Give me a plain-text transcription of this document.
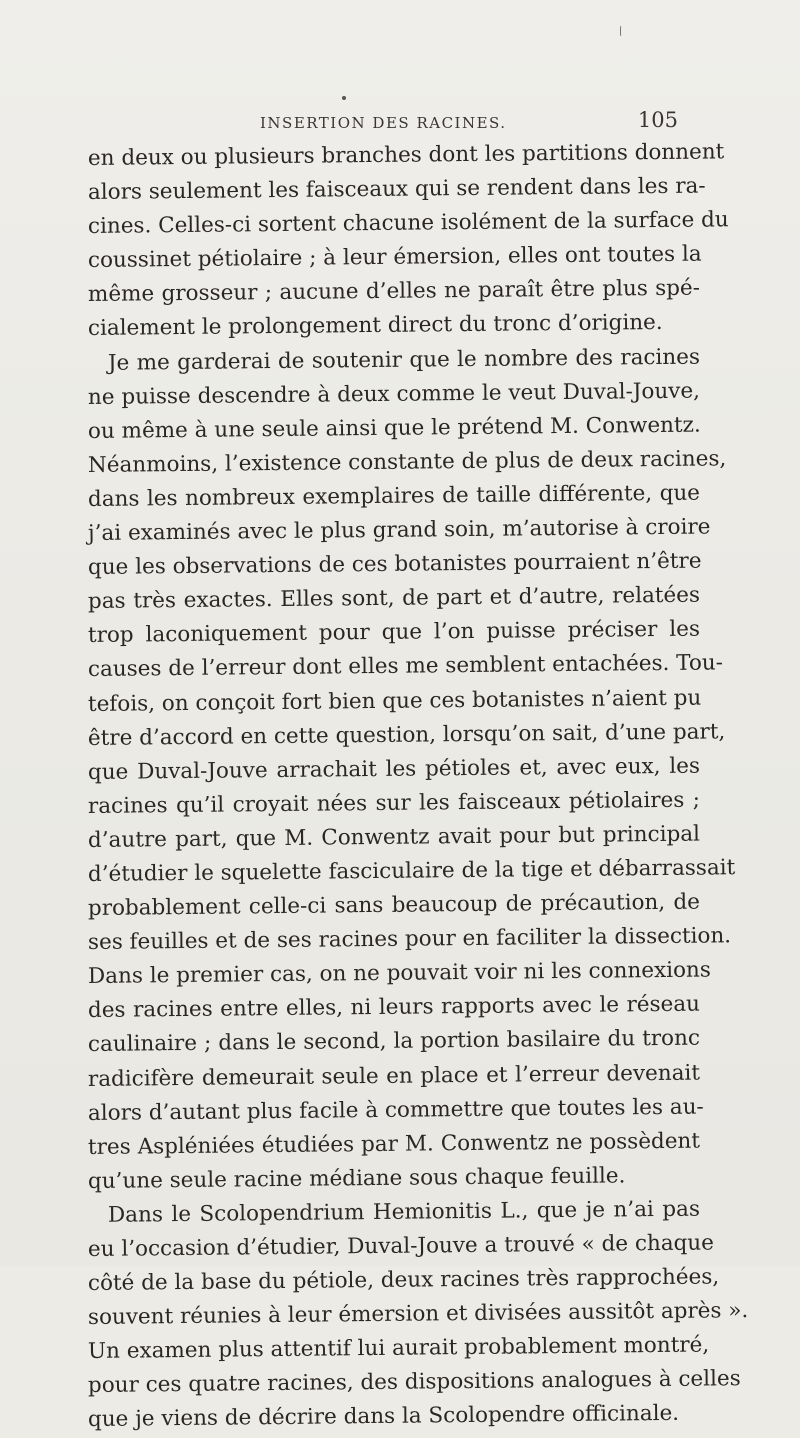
INSERTION DES RACINES.	105
en deux ou plusieurs branches dont les partitions donnent
alors seulement les faisceaux qui se rendent dans les ra-
cines. Celles-ci sortent chacune isolément de la surface du
coussinet pétiolaire ; à leur émersion, elles ont toutes la
même grosseur ; aucune d’elles ne paraît être plus spé-
cialement le prolongement direct du tronc d’origine.
Je me garderai de soutenir que le nombre des racines
ne puisse descendre à deux comme le veut Duval-Jouve,
ou même à une seule ainsi que le prétend M. Conwentz.
Néanmoins, l’existence constante de plus de deux racines,
dans les nombreux exemplaires de taille différente, que
j’ai examinés avec le plus grand soin, m’autorise à croire
que les observations de ces botanistes pourraient n’être
pas très exactes. Elles sont, de part et d’autre, relatées
trop laconiquement pour que l’on puisse préciser les
causes de l’erreur dont elles me semblent entachées. Tou-
tefois, on conçoit fort bien que ces botanistes n’aient pu
être d’accord en cette question, lorsqu’on sait, d’une part,
que Duval-Jouve arrachait les pétioles et, avec eux, les
racines qu’il croyait nées sur les faisceaux pétiolaires ;
d’autre part, que M. Conwentz avait pour but principal
d’étudier le squelette fasciculaire de la tige et débarrassait
probablement celle-ci sans beaucoup de précaution, de
ses feuilles et de ses racines pour en faciliter la dissection.
Dans le premier cas, on ne pouvait voir ni les connexions
des racines entre elles, ni leurs rapports avec le réseau
caulinaire ; dans le second, la portion basilaire du tronc
radicifère demeurait seule en place et l’erreur devenait
alors d’autant plus facile à commettre que toutes les au-
tres Aspléniées étudiées par M. Conwentz ne possèdent
qu’une seule racine médiane sous chaque feuille.
Dans le Scolopendrium Hemionitis L., que je n’ai pas
eu l’occasion d’étudier, Duval-Jouve a trouvé « de chaque
côté de la base du pétiole, deux racines très rapprochées,
souvent réunies à leur émersion et divisées aussitôt après ».
Un examen plus attentif lui aurait probablement montré,
pour ces quatre racines, des dispositions analogues à celles
que je viens de décrire dans la Scolopendre officinale.
